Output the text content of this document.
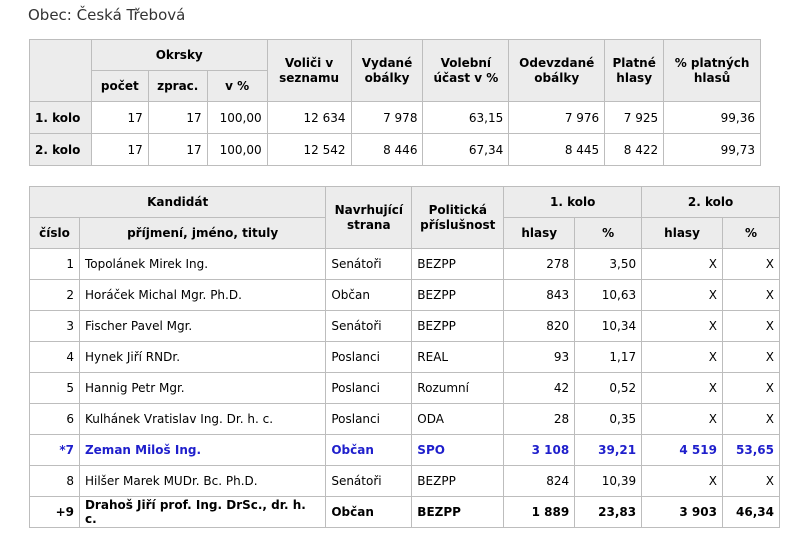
Obec: Česká Třebová
	Okrsky			Voliči v seznamu	Vydané obálky	Volební účast v %	Odevzdané obálky	Platné hlasy	% platných hlasů
	počet	zprac.	v %						
1. kolo	17	17	100,00	12 634	7 978	63,15	7 976	7 925	99,36
2. kolo	17	17	100,00	12 542	8 446	67,34	8 445	8 422	99,73
Kandidát		Navrhující strana	Politická příslušnost	1. kolo		2. kolo	
číslo	příjmení, jméno, tituly			hlasy	%	hlasy	%
1	Topolánek Mirek Ing.	Senátoři	BEZPP	278	3,50	X	X
2	Horáček Michal Mgr. Ph.D.	Občan	BEZPP	843	10,63	X	X
3	Fischer Pavel Mgr.	Senátoři	BEZPP	820	10,34	X	X
4	Hynek Jiří RNDr.	Poslanci	REAL	93	1,17	X	X
5	Hannig Petr Mgr.	Poslanci	Rozumní	42	0,52	X	X
6	Kulhánek Vratislav Ing. Dr. h. c.	Poslanci	ODA	28	0,35	X	X
*7	Zeman Miloš Ing.	Občan	SPO	3 108	39,21	4 519	53,65
8	Hilšer Marek MUDr. Bc. Ph.D.	Senátoři	BEZPP	824	10,39	X	X
+9	Drahoš Jiří prof. Ing. DrSc., dr. h. c.	Občan	BEZPP	1 889	23,83	3 903	46,34
